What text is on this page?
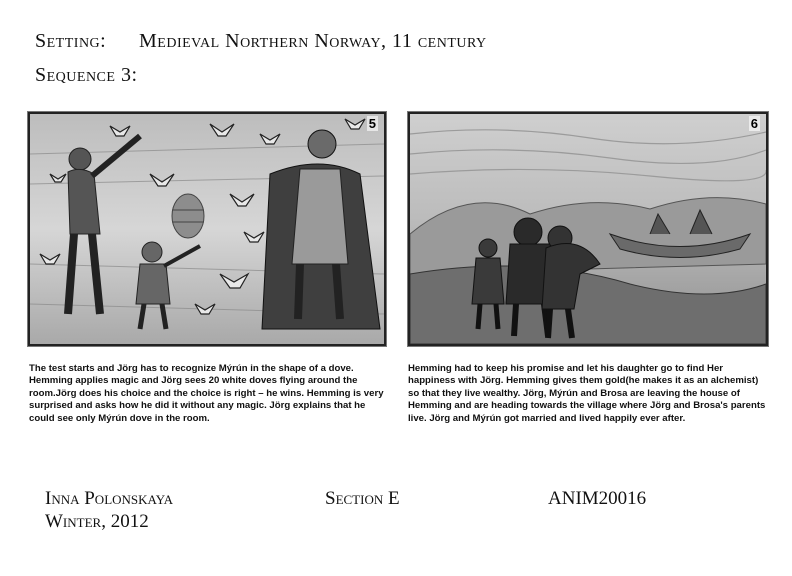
Setting: Medieval Northern Norway, 11 century
Sequence 3:
5	6
The test starts and Jörg has to recognize Mýrún in the shape of a dove. Hemming applies magic and Jörg sees 20 white doves flying around the room.Jörg does his choice and the choice is right – he wins. Hemming is very surprised and asks how he did it without any magic. Jörg explains that he could see only Mýrún dove in the room.
Hemming had to keep his promise and let his daughter go to find Her happiness with Jörg. Hemming gives them gold(he makes it as an alchemist) so that they live wealthy. Jörg, Mýrún and Brosa are leaving the house of Hemming and are heading towards the village where Jörg and Brosa's parents live. Jörg and Mýrún got married and lived happily ever after.
Inna Polonskaya
Winter, 2012
Section E	ANIM20016
